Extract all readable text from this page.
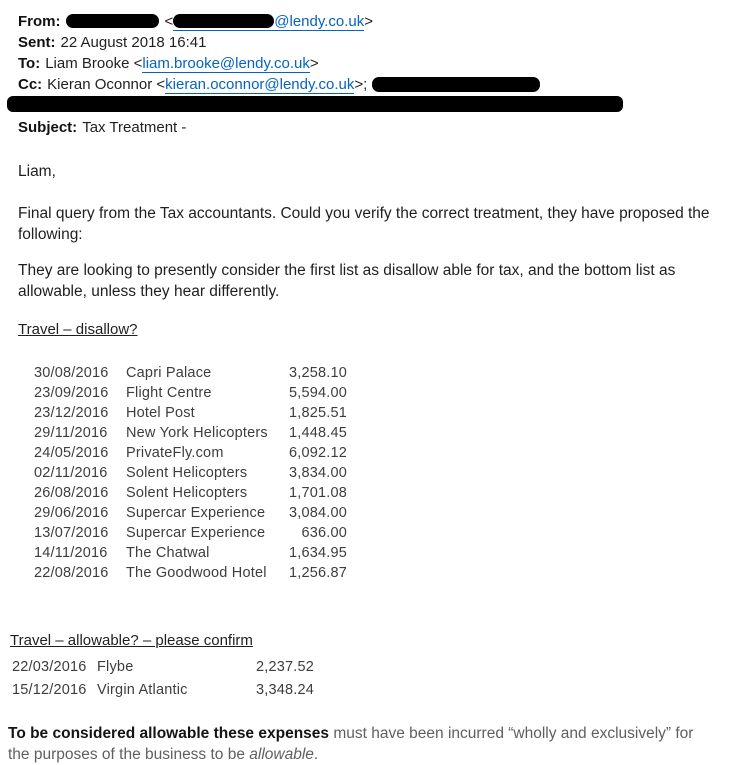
From:	<	@lendy.co.uk>
Sent: 22 August 2018 16:41
To: Liam Brooke <liam.brooke@lendy.co.uk>
Cc: Kieran Oconnor <kieran.oconnor@lendy.co.uk>;
Subject: Tax Treatment -
Liam,
Final query from the Tax accountants. Could you verify the correct treatment, they have proposed the following:
They are looking to presently consider the first list as disallow able for tax, and the bottom list as allowable, unless they hear differently.
Travel – disallow?
30/08/2016	Capri Palace	3,258.10
23/09/2016	Flight Centre	5,594.00
23/12/2016	Hotel Post	1,825.51
29/11/2016	New York Helicopters	1,448.45
24/05/2016	PrivateFly.com	6,092.12
02/11/2016	Solent Helicopters	3,834.00
26/08/2016	Solent Helicopters	1,701.08
29/06/2016	Supercar Experience	3,084.00
13/07/2016	Supercar Experience	636.00
14/11/2016	The Chatwal	1,634.95
22/08/2016	The Goodwood Hotel	1,256.87
Travel – allowable? – please confirm
22/03/2016 Flybe	2,237.52
15/12/2016 Virgin Atlantic	3,348.24
To be considered allowable these expenses must have been incurred “wholly and exclusively” for the purposes of the business to be allowable.
